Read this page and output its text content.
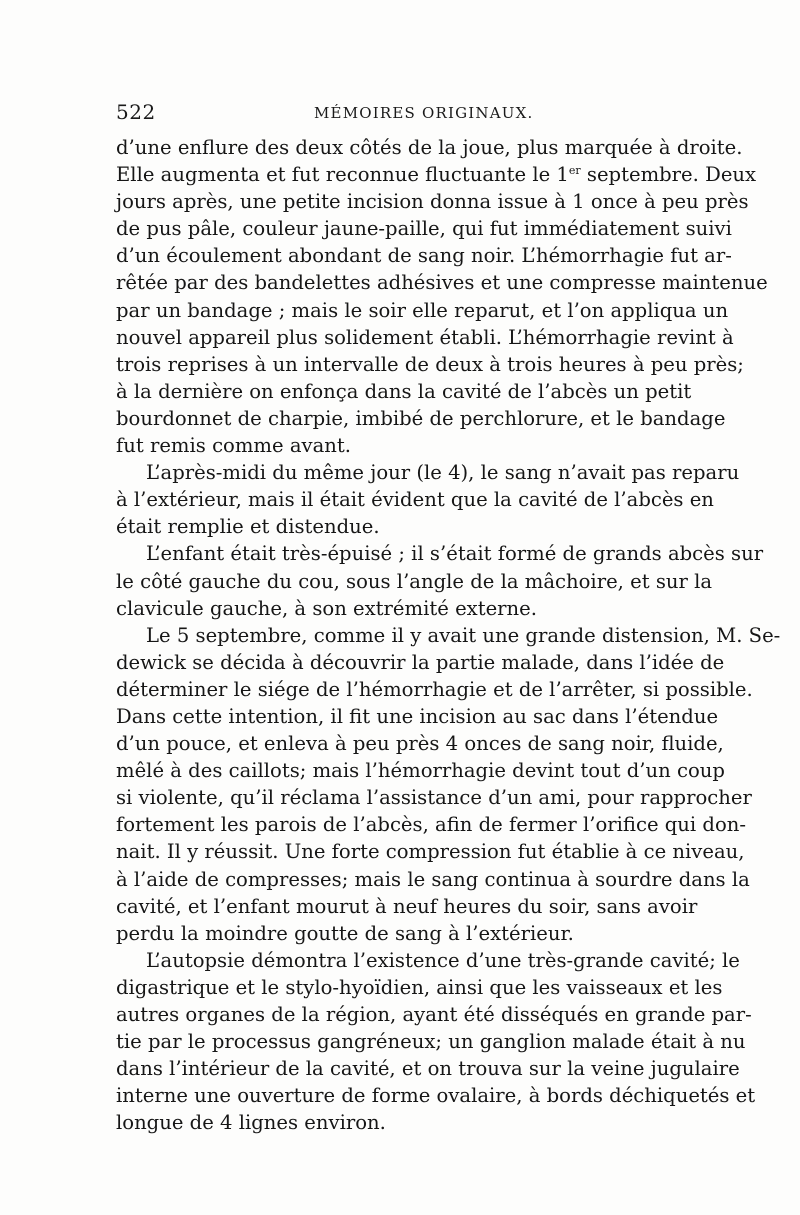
522	MÉMOIRES ORIGINAUX.
d’une enflure des deux côtés de la joue, plus marquée à droite.
Elle augmenta et fut reconnue fluctuante le 1er septembre. Deux
jours après, une petite incision donna issue à 1 once à peu près
de pus pâle, couleur jaune-paille, qui fut immédiatement suivi
d’un écoulement abondant de sang noir. L’hémorrhagie fut ar-
rêtée par des bandelettes adhésives et une compresse maintenue
par un bandage ; mais le soir elle reparut, et l’on appliqua un
nouvel appareil plus solidement établi. L’hémorrhagie revint à
trois reprises à un intervalle de deux à trois heures à peu près;
à la dernière on enfonça dans la cavité de l’abcès un petit
bourdonnet de charpie, imbibé de perchlorure, et le bandage
fut remis comme avant.
L’après-midi du même jour (le 4), le sang n’avait pas reparu
à l’extérieur, mais il était évident que la cavité de l’abcès en
était remplie et distendue.
L’enfant était très-épuisé ; il s’était formé de grands abcès sur
le côté gauche du cou, sous l’angle de la mâchoire, et sur la
clavicule gauche, à son extrémité externe.
Le 5 septembre, comme il y avait une grande distension, M. Se-
dewick se décida à découvrir la partie malade, dans l’idée de
déterminer le siége de l’hémorrhagie et de l’arrêter, si possible.
Dans cette intention, il fit une incision au sac dans l’étendue
d’un pouce, et enleva à peu près 4 onces de sang noir, fluide,
mêlé à des caillots; mais l’hémorrhagie devint tout d’un coup
si violente, qu’il réclama l’assistance d’un ami, pour rapprocher
fortement les parois de l’abcès, afin de fermer l’orifice qui don-
nait. Il y réussit. Une forte compression fut établie à ce niveau,
à l’aide de compresses; mais le sang continua à sourdre dans la
cavité, et l’enfant mourut à neuf heures du soir, sans avoir
perdu la moindre goutte de sang à l’extérieur.
L’autopsie démontra l’existence d’une très-grande cavité; le
digastrique et le stylo-hyoïdien, ainsi que les vaisseaux et les
autres organes de la région, ayant été disséqués en grande par-
tie par le processus gangréneux; un ganglion malade était à nu
dans l’intérieur de la cavité, et on trouva sur la veine jugulaire
interne une ouverture de forme ovalaire, à bords déchiquetés et
longue de 4 lignes environ.
